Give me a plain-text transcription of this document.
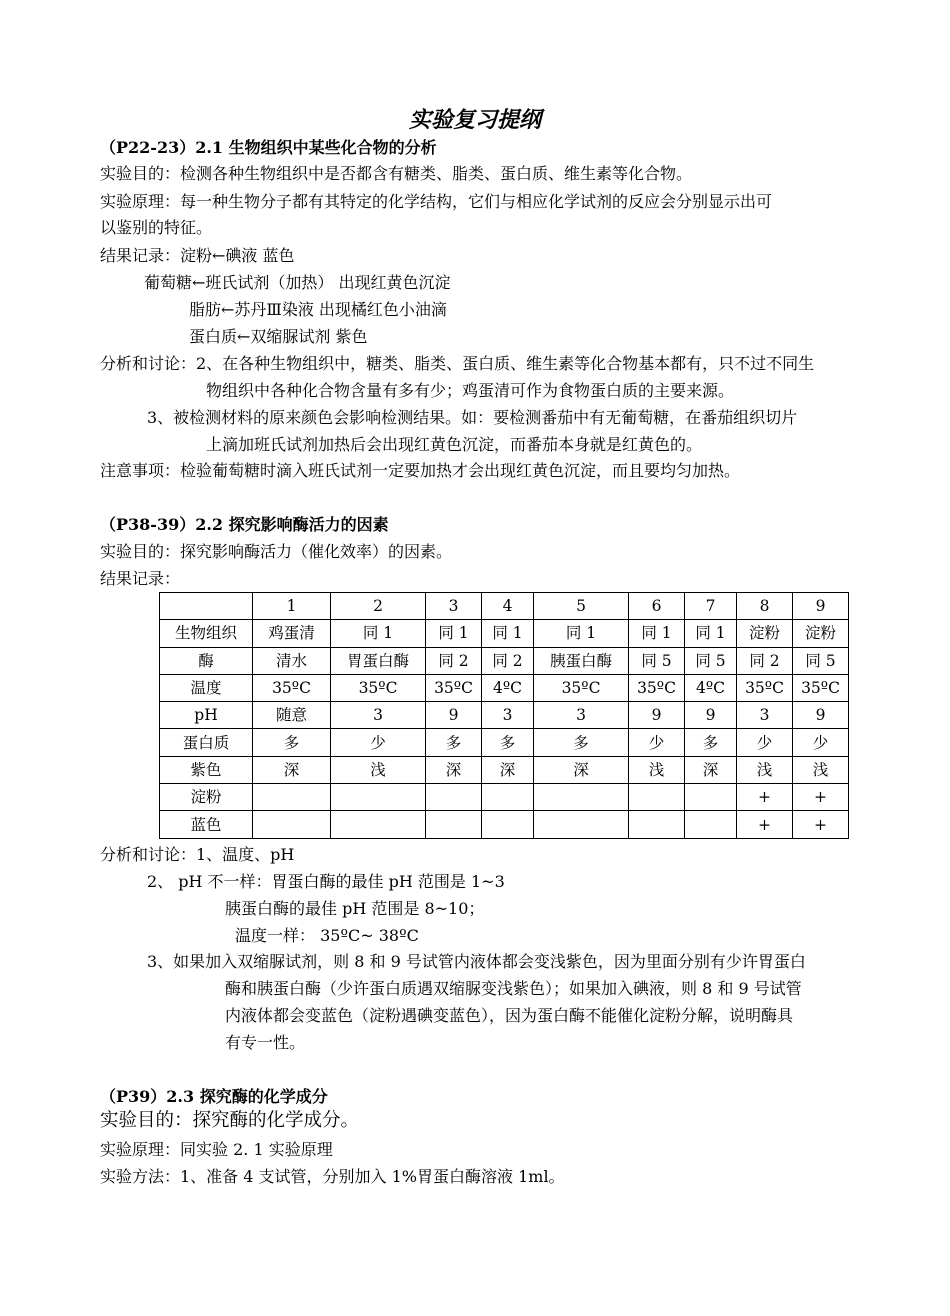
实验复习提纲
（P22-23）2.1 生物组织中某些化合物的分析
实验目的：检测各种生物组织中是否都含有糖类、脂类、蛋白质、维生素等化合物。
实验原理：每一种生物分子都有其特定的化学结构，它们与相应化学试剂的反应会分别显示出可
以鉴别的特征。
结果记录：淀粉←碘液 蓝色
葡萄糖←班氏试剂（加热） 出现红黄色沉淀
脂肪←苏丹Ⅲ染液 出现橘红色小油滴
蛋白质←双缩脲试剂 紫色
分析和讨论：2、在各种生物组织中，糖类、脂类、蛋白质、维生素等化合物基本都有，只不过不同生
物组织中各种化合物含量有多有少；鸡蛋清可作为食物蛋白质的主要来源。
3、被检测材料的原来颜色会影响检测结果。如：要检测番茄中有无葡萄糖，在番茄组织切片
上滴加班氏试剂加热后会出现红黄色沉淀，而番茄本身就是红黄色的。
注意事项：检验葡萄糖时滴入班氏试剂一定要加热才会出现红黄色沉淀，而且要均匀加热。
（P38-39）2.2 探究影响酶活力的因素
实验目的：探究影响酶活力（催化效率）的因素。
结果记录：
	1	2	3	4	5	6	7	8	9
生物组织	鸡蛋清	同 1	同 1	同 1	同 1	同 1	同 1	淀粉	淀粉
酶	清水	胃蛋白酶	同 2	同 2	胰蛋白酶	同 5	同 5	同 2	同 5
温度	35ºC	35ºC	35ºC	4ºC	35ºC	35ºC	4ºC	35ºC	35ºC
pH	随意	3	9	3	3	9	9	3	9
蛋白质	多	少	多	多	多	少	多	少	少
紫色	深	浅	深	深	深	浅	深	浅	浅
淀粉								+	+
蓝色								+	+
分析和讨论：1、温度、pH
2、 pH 不一样：胃蛋白酶的最佳 pH 范围是 1~3
胰蛋白酶的最佳 pH 范围是 8~10；
温度一样： 35ºC~ 38ºC
3、如果加入双缩脲试剂，则 8 和 9 号试管内液体都会变浅紫色，因为里面分别有少许胃蛋白
酶和胰蛋白酶（少许蛋白质遇双缩脲变浅紫色）；如果加入碘液，则 8 和 9 号试管
内液体都会变蓝色（淀粉遇碘变蓝色），因为蛋白酶不能催化淀粉分解，说明酶具
有专一性。
（P39）2.3 探究酶的化学成分
实验目的：探究酶的化学成分。
实验原理：同实验 2. 1 实验原理
实验方法：1、准备 4 支试管，分别加入 1%胃蛋白酶溶液 1ml。
